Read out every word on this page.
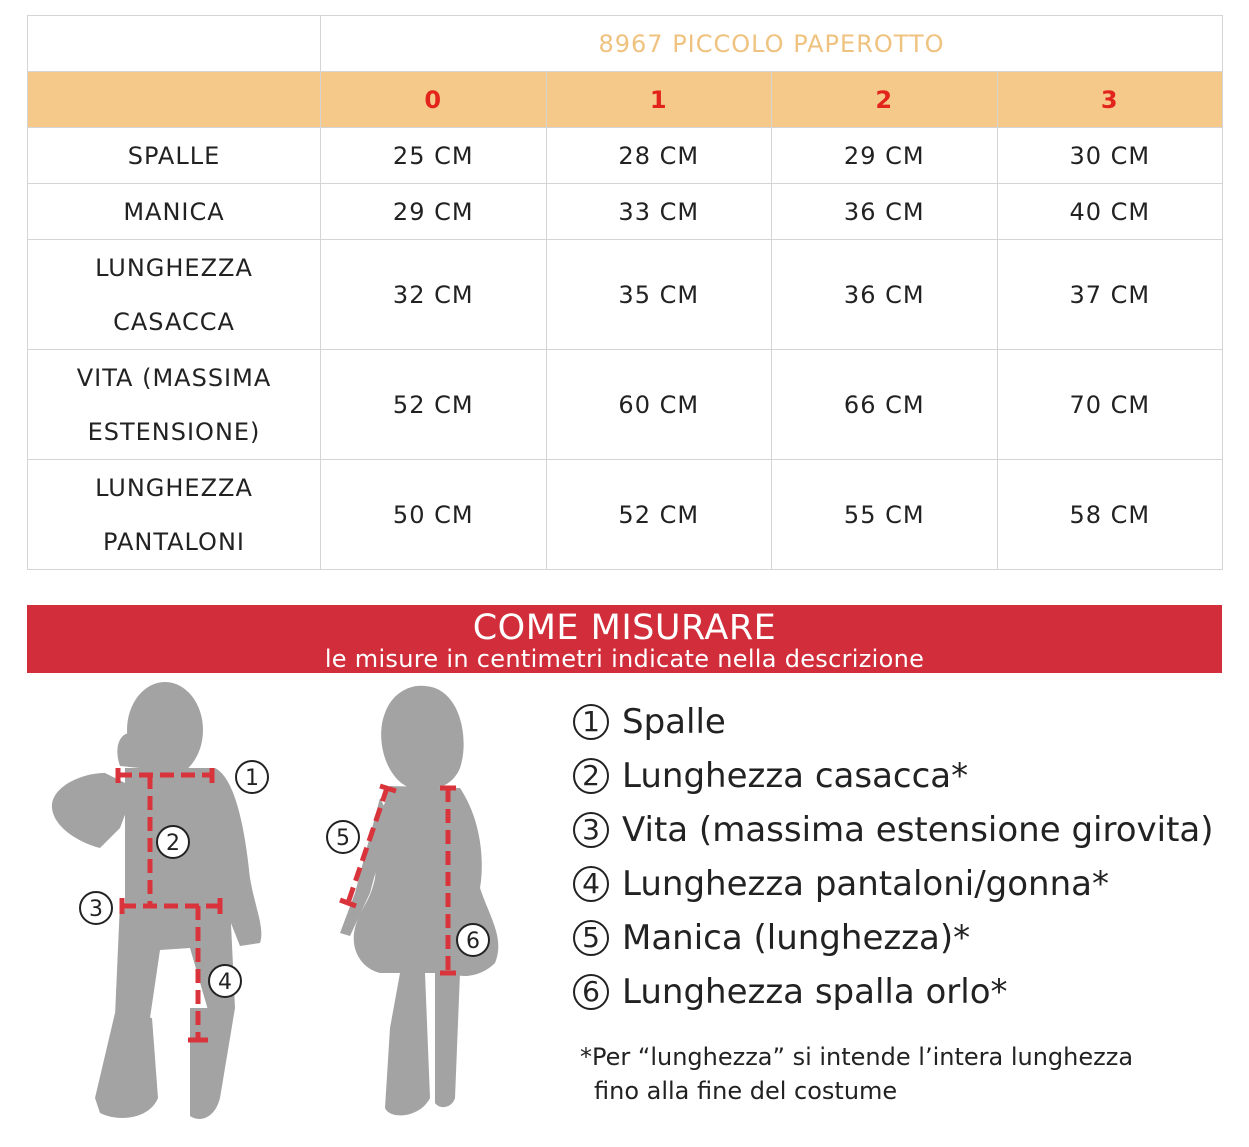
	8967 PICCOLO PAPEROTTO			
	0	1	2	3
SPALLE	25 CM	28 CM	29 CM	30 CM
MANICA	29 CM	33 CM	36 CM	40 CM
LUNGHEZZA
CASACCA	32 CM	35 CM	36 CM	37 CM
VITA (MASSIMA
ESTENSIONE)	52 CM	60 CM	66 CM	70 CM
LUNGHEZZA
PANTALONI	50 CM	52 CM	55 CM	58 CM
COME MISURARE
le misure in centimetri indicate nella descrizione
1
2
3
4
5
6
1 Spalle
2 Lunghezza casacca*
3 Vita (massima estensione girovita)
4 Lunghezza pantaloni/gonna*
5 Manica (lunghezza)*
6 Lunghezza spalla orlo*
*Per “lunghezza” si intende l’intera lunghezza
fino alla fine del costume
